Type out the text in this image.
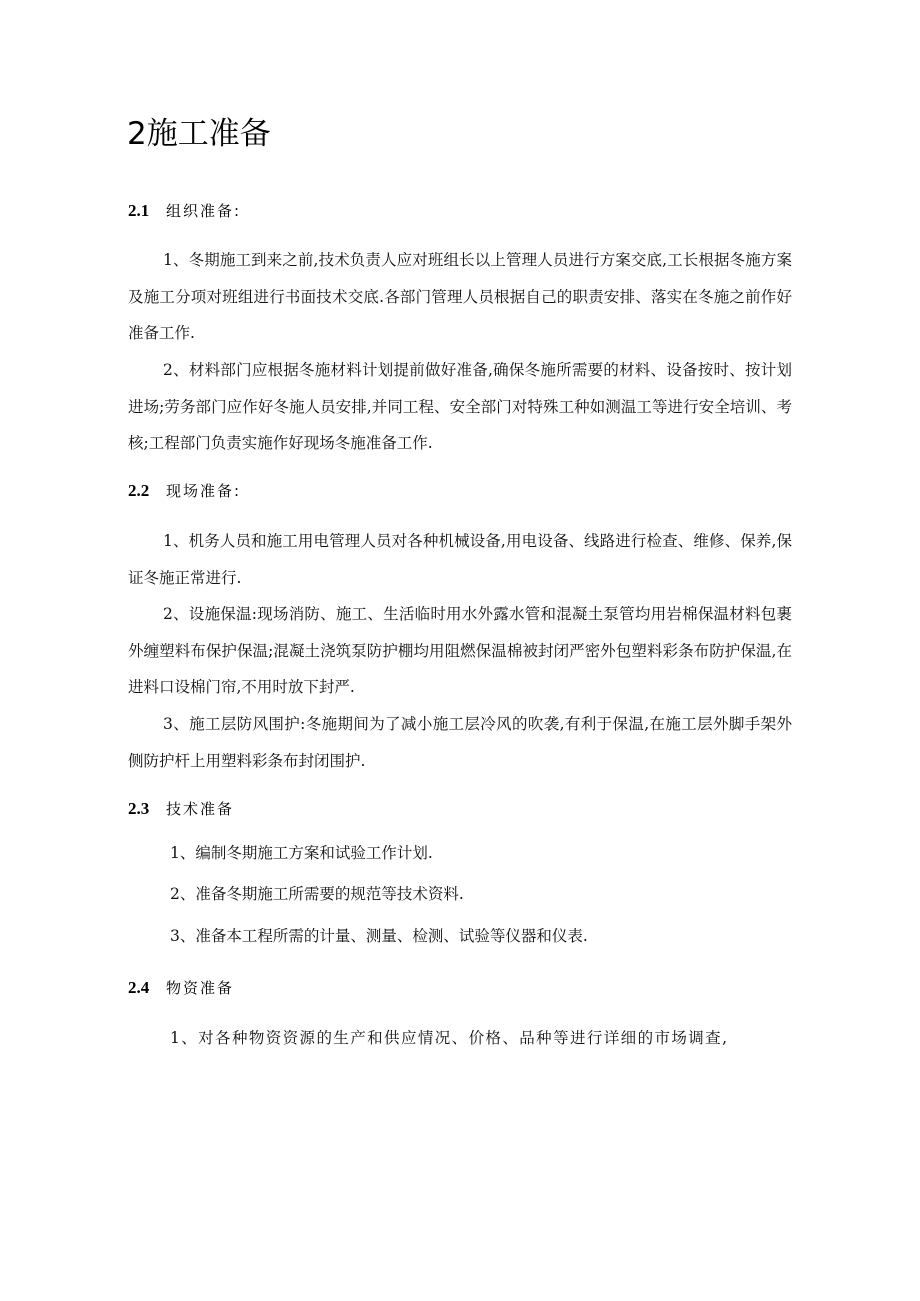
2施工准备
2.1 组织准备:

1、冬期施工到来之前,技术负责人应对班组长以上管理人员进行方案交底,工长根据冬施方案及施工分项对班组进行书面技术交底.各部门管理人员根据自己的职责安排、落实在冬施之前作好准备工作.

2、材料部门应根据冬施材料计划提前做好准备,确保冬施所需要的材料、设备按时、按计划进场;劳务部门应作好冬施人员安排,并同工程、安全部门对特殊工种如测温工等进行安全培训、考核;工程部门负责实施作好现场冬施准备工作.

2.2 现场准备:

1、机务人员和施工用电管理人员对各种机械设备,用电设备、线路进行检查、维修、保养,保证冬施正常进行.

2、设施保温:现场消防、施工、生活临时用水外露水管和混凝土泵管均用岩棉保温材料包裹外缠塑料布保护保温;混凝土浇筑泵防护棚均用阻燃保温棉被封闭严密外包塑料彩条布防护保温,在进料口设棉门帘,不用时放下封严.

3、施工层防风围护:冬施期间为了减小施工层冷风的吹袭,有利于保温,在施工层外脚手架外侧防护杆上用塑料彩条布封闭围护.

2.3 技术准备

1、编制冬期施工方案和试验工作计划.

2、准备冬期施工所需要的规范等技术资料.

3、准备本工程所需的计量、测量、检测、试验等仪器和仪表.

2.4 物资准备

1、对各种物资资源的生产和供应情况、价格、品种等进行详细的市场调查,
